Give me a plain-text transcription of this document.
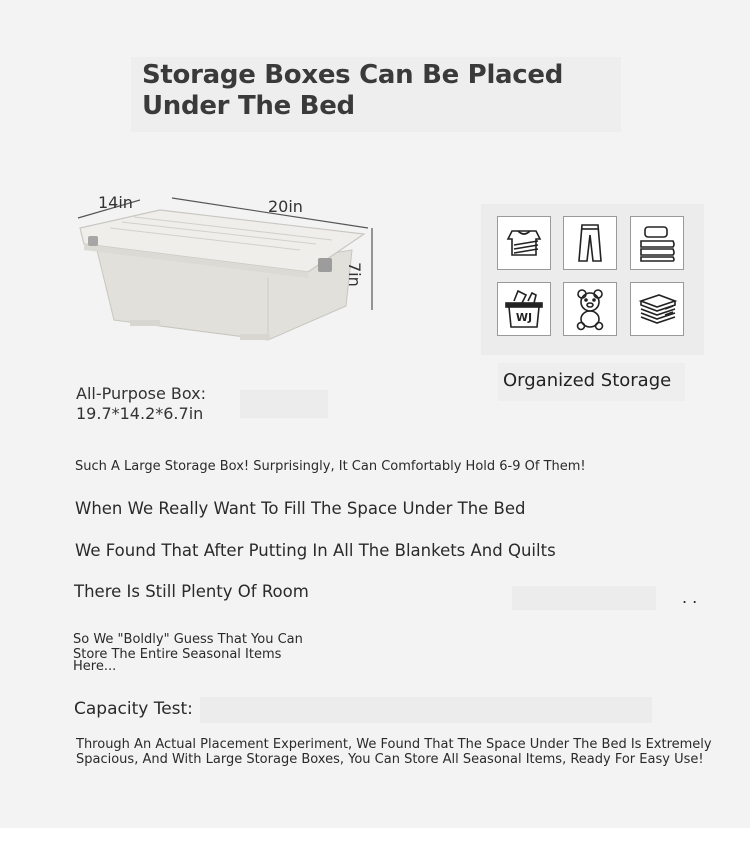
Storage Boxes Can Be Placed
Under The Bed
14in	20in
7in
WJ
Organized Storage
All-Purpose Box:
19.7*14.2*6.7in
Such A Large Storage Box! Surprisingly, It Can Comfortably Hold 6-9 Of Them!
When We Really Want To Fill The Space Under The Bed
We Found That After Putting In All The Blankets And Quilts
There Is Still Plenty Of Room	. .
So We "Boldly" Guess That You Can
Store The Entire Seasonal Items
Here...
Capacity Test:
Through An Actual Placement Experiment, We Found That The Space Under The Bed Is Extremely Spacious, And With Large Storage Boxes, You Can Store All Seasonal Items, Ready For Easy Use!
